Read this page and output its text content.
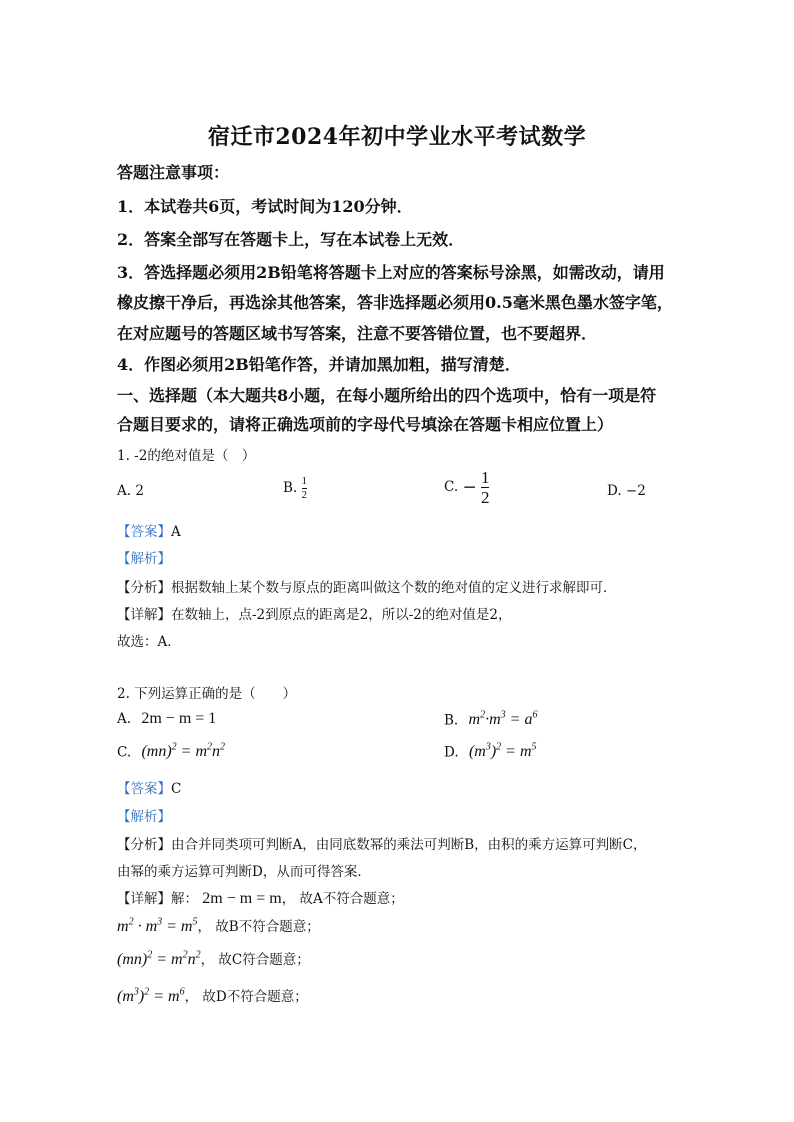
宿迁市2024年初中学业水平考试数学
答题注意事项：
1．本试卷共6页，考试时间为120分钟．
2．答案全部写在答题卡上，写在本试卷上无效．
3．答选择题必须用2B铅笔将答题卡上对应的答案标号涂黑，如需改动，请用
橡皮擦干净后，再选涂其他答案，答非选择题必须用0.5毫米黑色墨水签字笔，
在对应题号的答题区域书写答案，注意不要答错位置，也不要超界．
4．作图必须用2B铅笔作答，并请加黑加粗，描写清楚．
一、选择题（本大题共8小题，在每小题所给出的四个选项中，恰有一项是符
合题目要求的，请将正确选项前的字母代号填涂在答题卡相应位置上）
1. -2的绝对值是（　）
A. 2	B. $\frac{1}{2}$	C. − $\frac{1}{2}$	D. −2
【答案】A
【解析】
【分析】根据数轴上某个数与原点的距离叫做这个数的绝对值的定义进行求解即可．
【详解】在数轴上，点-2到原点的距离是2，所以-2的绝对值是2，
故选：A．
2. 下列运算正确的是（　　）
A. 2m − m = 1	B. $m^2\cdot m^3 = a^6$
C. $(mn)^2 = m^2n^2$	D. $(m^3)^2 = m^5$
【答案】C
【解析】
【分析】由合并同类项可判断A，由同底数幂的乘法可判断B，由积的乘方运算可判断C，
由幂的乘方运算可判断D，从而可得答案．
【详解】解： 2m − m = m， 故A不符合题意；
$m^2 \cdot m^3 = m^5$， 故B不符合题意；
$(mn)^2 = m^2n^2$， 故C符合题意；
$(m^3)^2 = m^6$， 故D不符合题意；
